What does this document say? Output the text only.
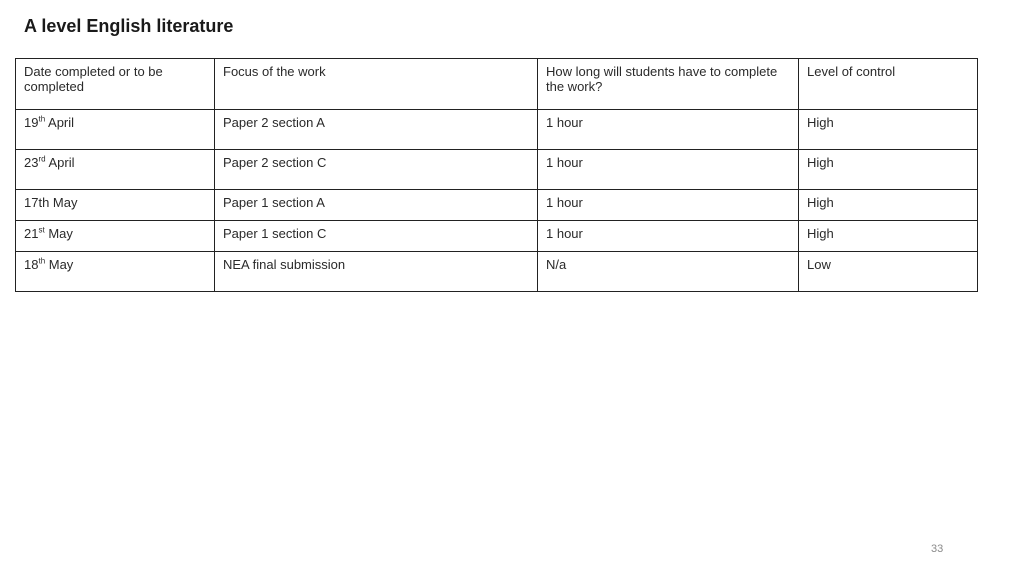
A level English literature
Date completed or to be completed	Focus of the work	How long will students have to complete the work?	Level of control
19th April	Paper 2 section A	1 hour	High
23rd April	Paper 2 section C	1 hour	High
17th May	Paper 1 section A	1 hour	High
21st May	Paper 1 section C	1 hour	High
18th May	NEA final submission	N/a	Low
33
